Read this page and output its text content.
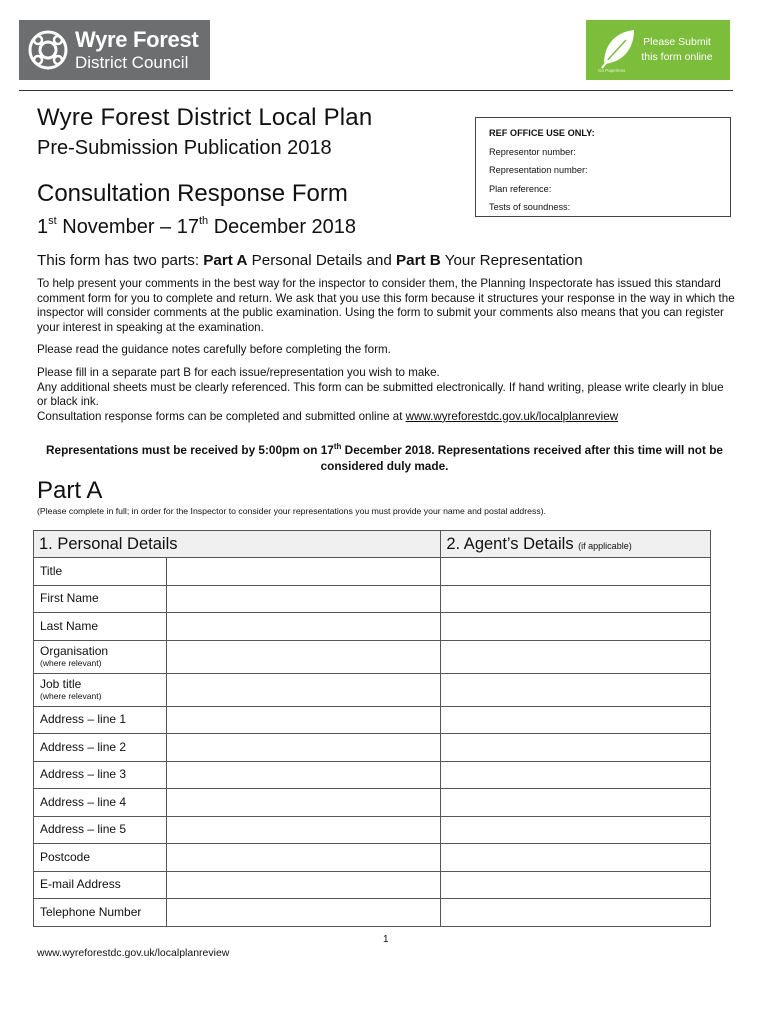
Wyre Forest
District Council
Please Submit this form online
Go Paperless
Wyre Forest District Local Plan
Pre-Submission Publication 2018
Consultation Response Form
1st November – 17th December 2018
REF OFFICE USE ONLY:
Representor number:
Representation number:
Plan reference:
Tests of soundness:
This form has two parts: Part A Personal Details and Part B Your Representation
To help present your comments in the best way for the inspector to consider them, the Planning Inspectorate has issued this standard comment form for you to complete and return. We ask that you use this form because it structures your response in the way in which the inspector will consider comments at the public examination. Using the form to submit your comments also means that you can register your interest in speaking at the examination.
Please read the guidance notes carefully before completing the form.
Please fill in a separate part B for each issue/representation you wish to make.
Any additional sheets must be clearly referenced. This form can be submitted electronically. If hand writing, please write clearly in blue or black ink.
Consultation response forms can be completed and submitted online at www.wyreforestdc.gov.uk/localplanreview
Representations must be received by 5:00pm on 17th December 2018. Representations received after this time will not be considered duly made.
Part A
(Please complete in full; in order for the Inspector to consider your representations you must provide your name and postal address).
1. Personal Details		2. Agent’s Details (if applicable)
Title		
First Name		
Last Name		
Organisation
(where relevant)		

Job title
(where relevant)		

Address – line 1		
Address – line 2		
Address – line 3		
Address – line 4		
Address – line 5		
Postcode		
E-mail Address		
Telephone Number		
1
www.wyreforestdc.gov.uk/localplanreview
